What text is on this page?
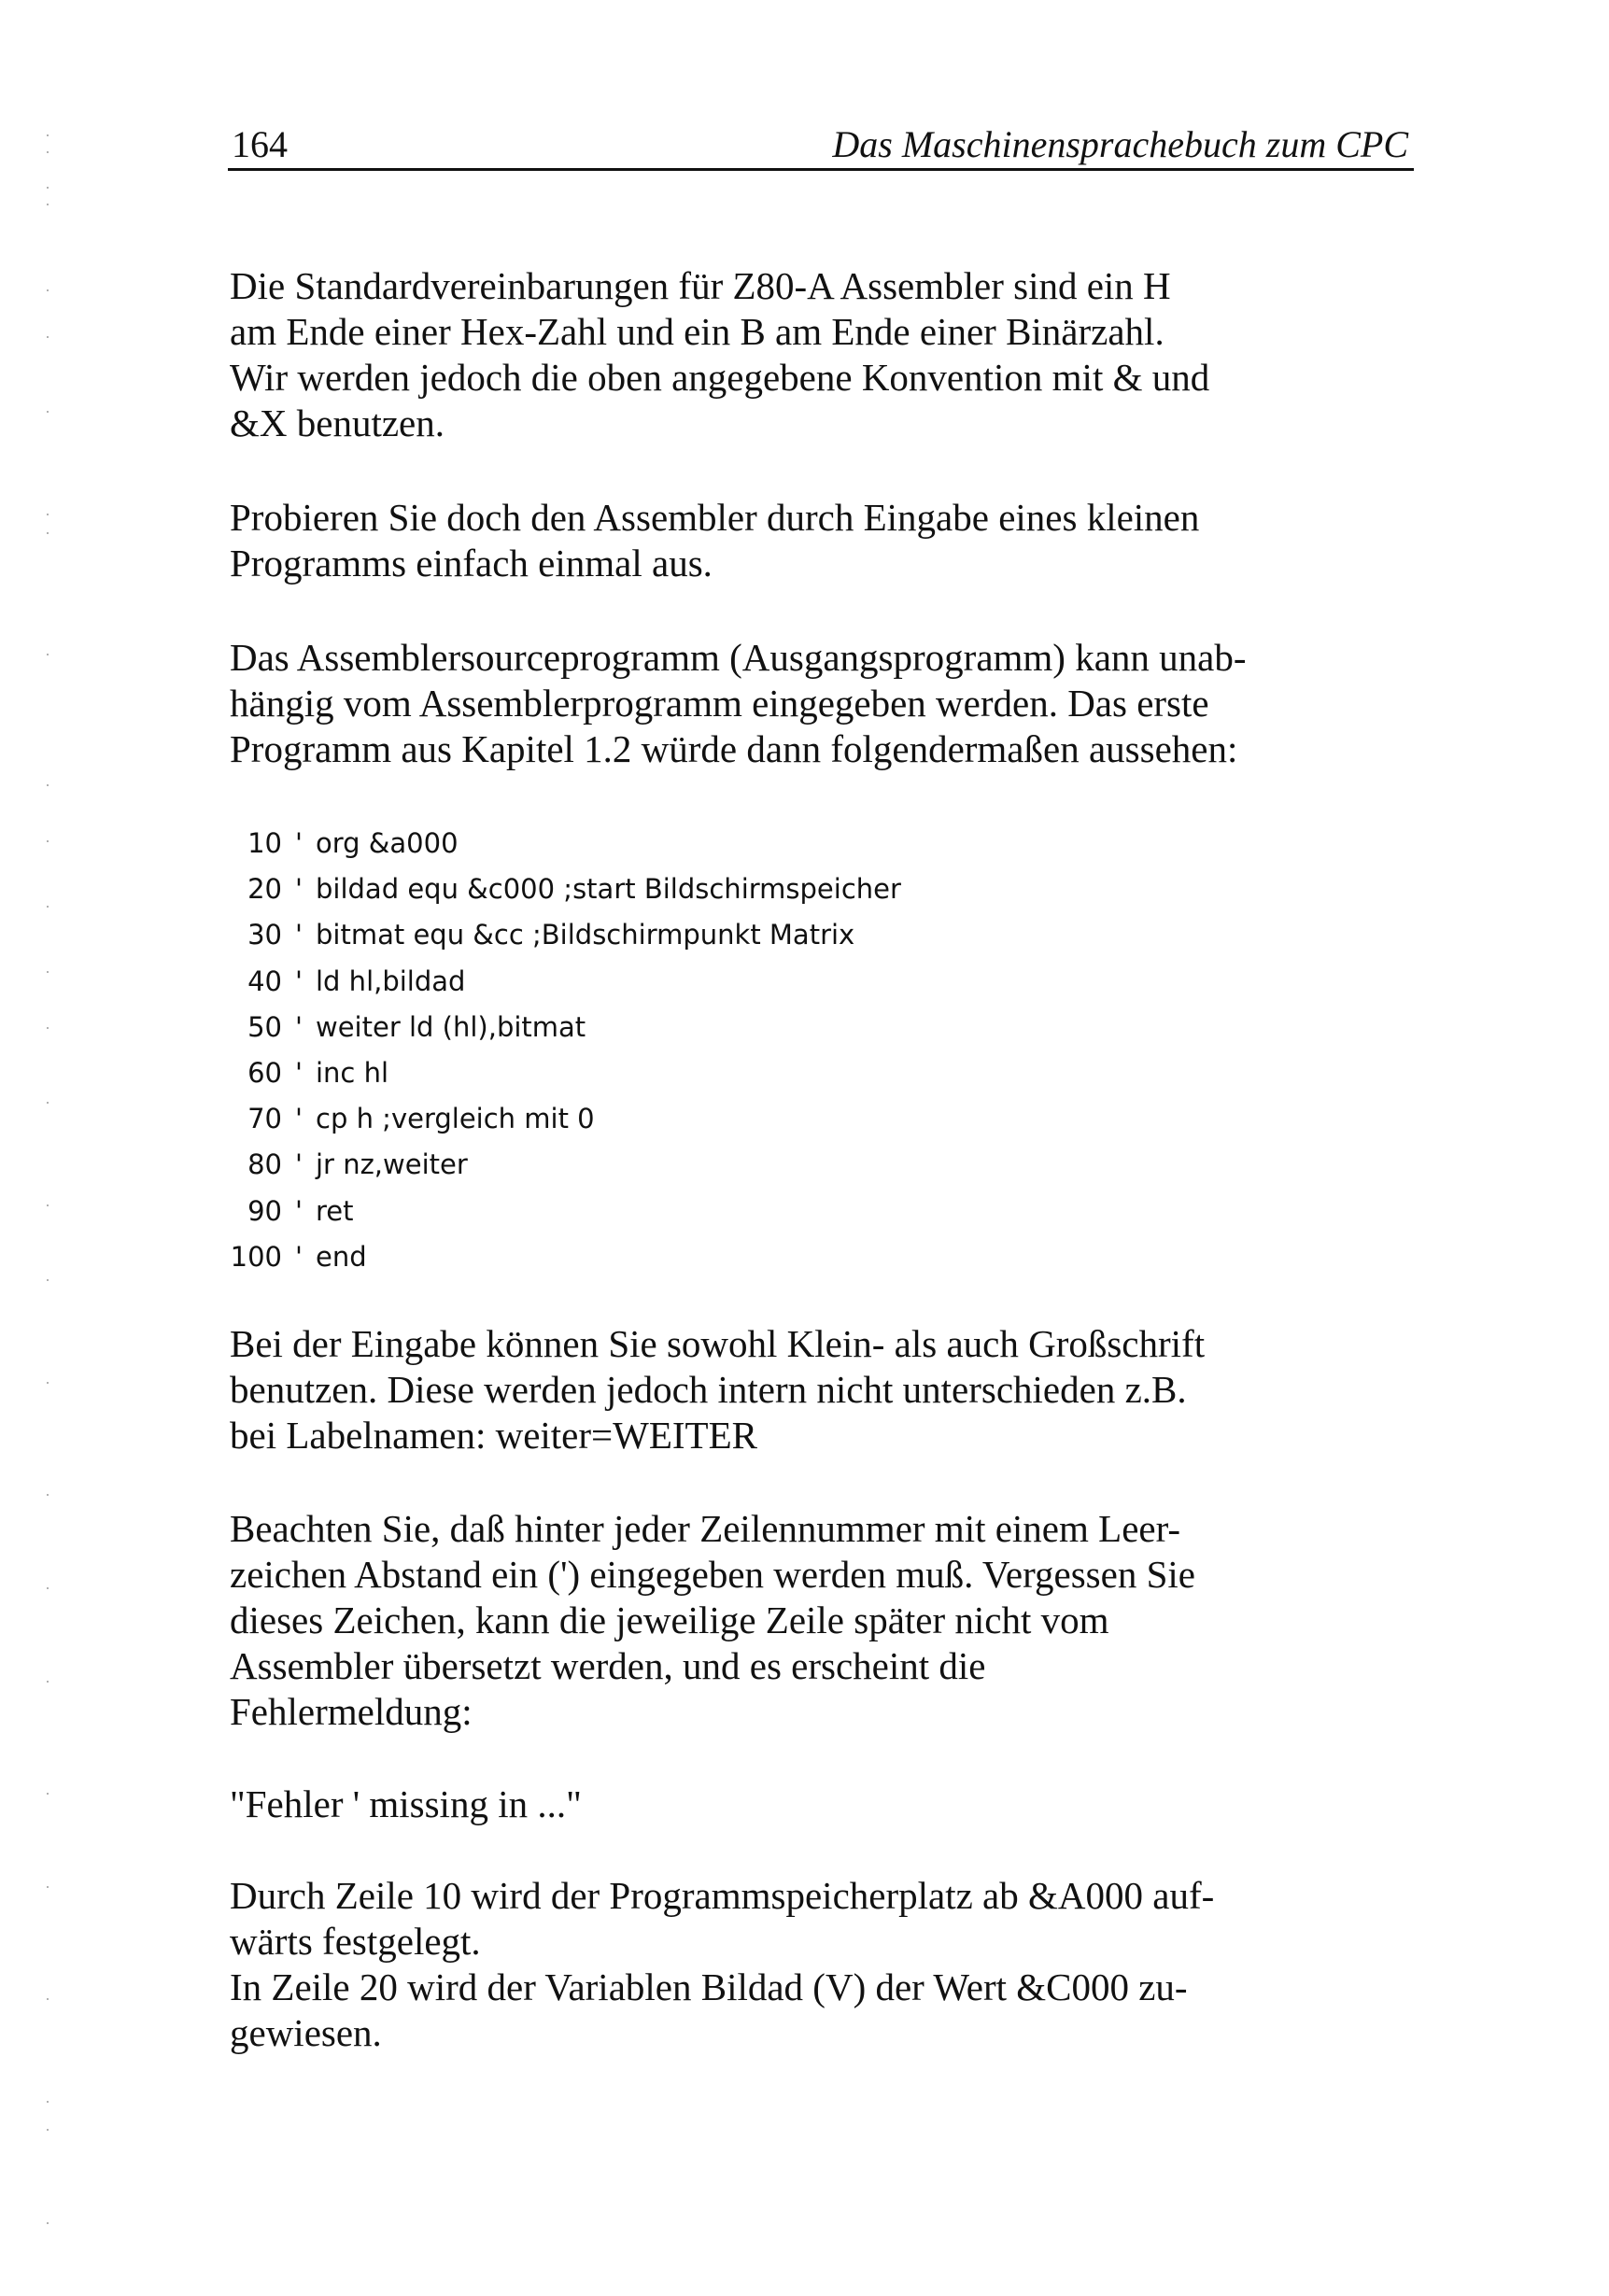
164	Das Maschinensprachebuch zum CPC

Die Standardvereinbarungen für Z80-A Assembler sind ein H
am Ende einer Hex-Zahl und ein B am Ende einer Binärzahl.
Wir werden jedoch die oben angegebene Konvention mit & und
&X benutzen.

Probieren Sie doch den Assembler durch Eingabe eines kleinen
Programms einfach einmal aus.

Das Assemblersourceprogramm (Ausgangsprogramm) kann unab-
hängig vom Assemblerprogramm eingegeben werden. Das erste
Programm aus Kapitel 1.2 würde dann folgendermaßen aussehen:

10 ' org &a000
20 ' bildad equ &c000 ;start Bildschirmspeicher
30 ' bitmat equ &cc ;Bildschirmpunkt Matrix
40 ' ld hl,bildad
50 ' weiter ld (hl),bitmat
60 ' inc hl
70 ' cp h ;vergleich mit 0
80 ' jr nz,weiter
90 ' ret
100 ' end

Bei der Eingabe können Sie sowohl Klein- als auch Großschrift
benutzen. Diese werden jedoch intern nicht unterschieden z.B.
bei Labelnamen: weiter=WEITER

Beachten Sie, daß hinter jeder Zeilennummer mit einem Leer-
zeichen Abstand ein (') eingegeben werden muß. Vergessen Sie
dieses Zeichen, kann die jeweilige Zeile später nicht vom
Assembler übersetzt werden, und es erscheint die
Fehlermeldung:

"Fehler ' missing in ..."

Durch Zeile 10 wird der Programmspeicherplatz ab &A000 auf-
wärts festgelegt.

In Zeile 20 wird der Variablen Bildad (V) der Wert &C000 zu-
gewiesen.
